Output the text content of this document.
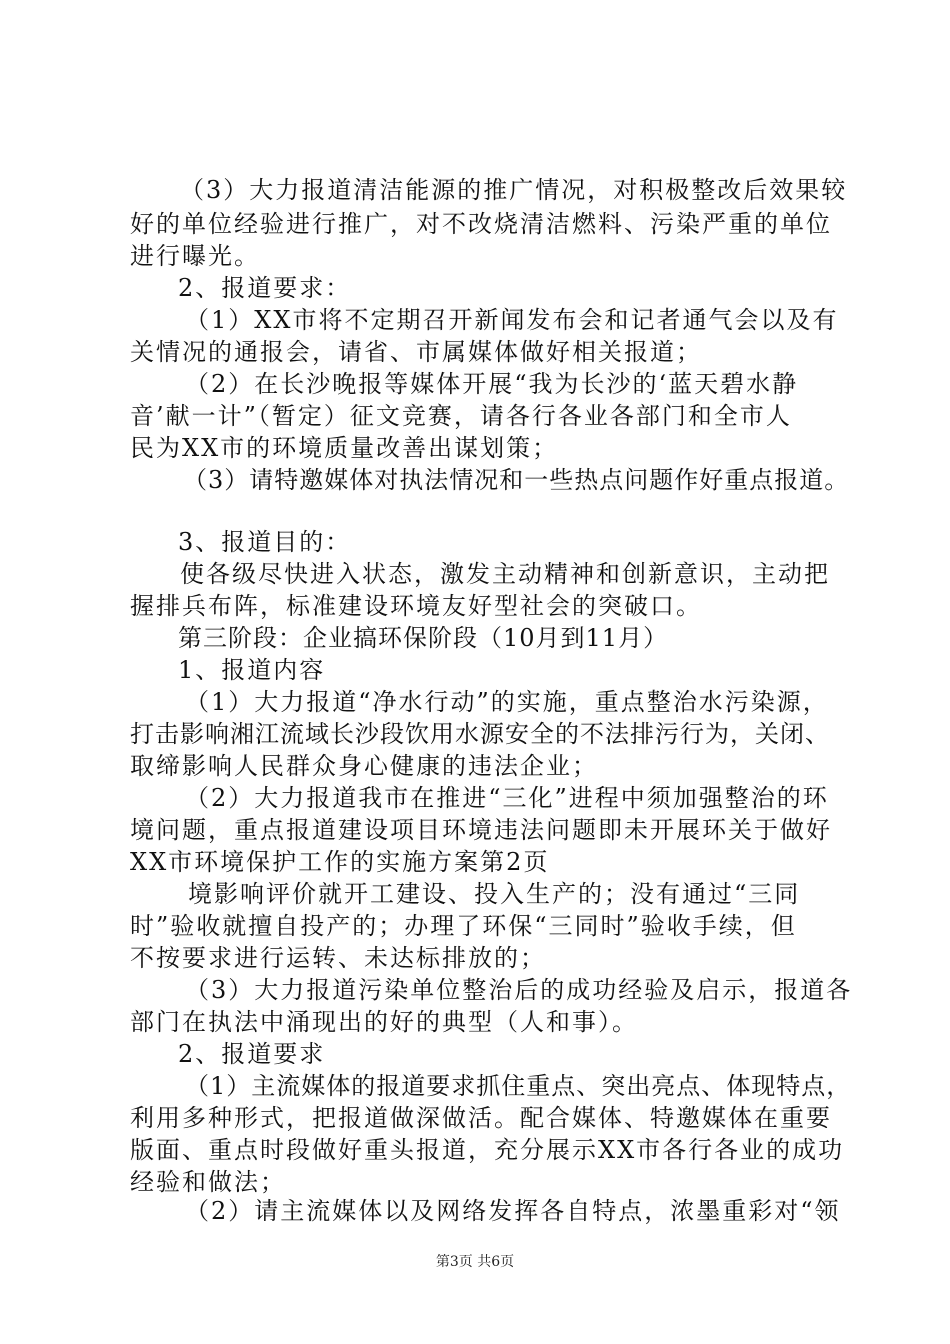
（3）大力报道清洁能源的推广情况，对积极整改后效果较
好的单位经验进行推广，对不改烧清洁燃料、污染严重的单位
进行曝光。
2、报道要求：
（1）XX市将不定期召开新闻发布会和记者通气会以及有
关情况的通报会，请省、市属媒体做好相关报道；
（2）在长沙晚报等媒体开展“我为长沙的‘蓝天碧水静
音’献一计”（暂定）征文竞赛，请各行各业各部门和全市人
民为XX市的环境质量改善出谋划策；
（3）请特邀媒体对执法情况和一些热点问题作好重点报道。
3、报道目的：
使各级尽快进入状态，激发主动精神和创新意识，主动把
握排兵布阵，标准建设环境友好型社会的突破口。
第三阶段：企业搞环保阶段（10月到11月）
1、报道内容
（1）大力报道“净水行动”的实施，重点整治水污染源，
打击影响湘江流域长沙段饮用水源安全的不法排污行为，关闭、
取缔影响人民群众身心健康的违法企业；
（2）大力报道我市在推进“三化”进程中须加强整治的环
境问题，重点报道建设项目环境违法问题即未开展环关于做好
XX市环境保护工作的实施方案第2页
境影响评价就开工建设、投入生产的；没有通过“三同
时”验收就擅自投产的；办理了环保“三同时”验收手续，但
不按要求进行运转、未达标排放的；
（3）大力报道污染单位整治后的成功经验及启示，报道各
部门在执法中涌现出的好的典型（人和事）。
2、报道要求
（1）主流媒体的报道要求抓住重点、突出亮点、体现特点，
利用多种形式，把报道做深做活。配合媒体、特邀媒体在重要
版面、重点时段做好重头报道，充分展示XX市各行各业的成功
经验和做法；
（2）请主流媒体以及网络发挥各自特点，浓墨重彩对“领
第3页 共6页
